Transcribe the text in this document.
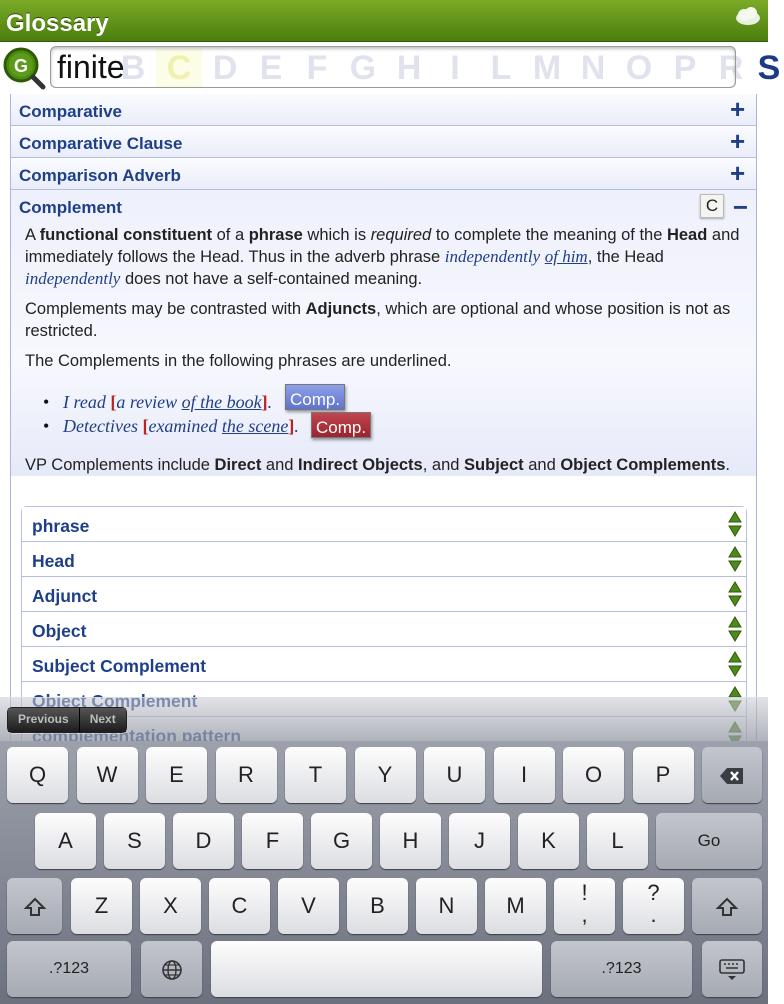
Glossary
B C D E F G H I L M N O P R S
G
finite
Comparative	+
Comparative Clause	+
Comparison Adverb	+
Complement	C −

A functional constituent of a phrase which is required to complete the meaning of the Head and immediately follows the Head. Thus in the adverb phrase independently of him, the Head independently does not have a self-contained meaning.

Complements may be contrasted with Adjuncts, which are optional and whose position is not as restricted.

The Complements in the following phrases are underlined.

• I read [a review of the book]. Comp.
• Detectives [examined the scene]. Comp.

VP Complements include Direct and Indirect Objects, and Subject and Object Complements.

phrase
Head
Adjunct
Object
Subject Complement
Previous	Next
Q	W	E	R	T	Y	U	I	O	P
A	S	D	F	G	H	J	K	L	Go
Z	X	C	V	B	N	M
!
,
?
.
.?123	.?123
